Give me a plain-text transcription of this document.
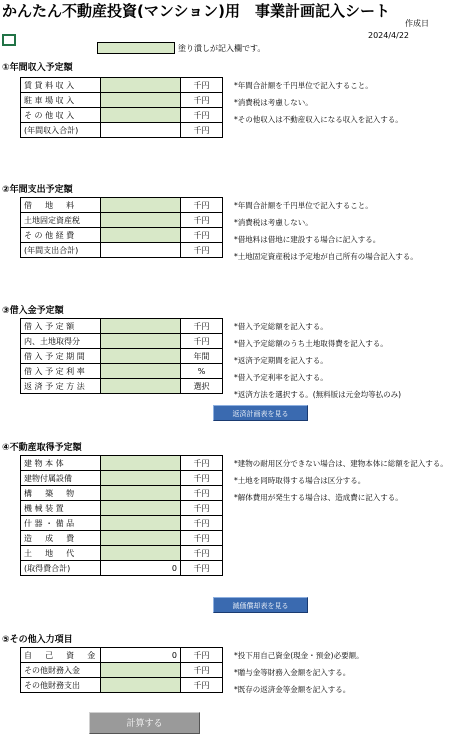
かんたん不動産投資(マンション)用　事業計画記入シート
作成日
2024/4/22
塗り潰しが記入欄です。
①年間収入予定額
賃 貸 料 収 入		千円
駐 車 場 収 入		千円
そ の 他 収 入		千円
(年間収入合計)		千円
*年間合計額を千円単位で記入すること。
*消費税は考慮しない。
*その他収入は不動産収入になる収入を記入する。
②年間支出予定額
借 　 地 　 料		千円
土地固定資産税		千円
そ の 他 経 費		千円
(年間支出合計)		千円
*年間合計額を千円単位で記入すること。
*消費税は考慮しない。
*借地料は借地に建設する場合に記入する。
*土地固定資産税は予定地が自己所有の場合記入する。
③借入金予定額
借 入 予 定 額		千円
内、土地取得分		千円
借 入 予 定 期 間		年間
借 入 予 定 利 率		%
返 済 予 定 方 法		選択
*借入予定総額を記入する。
*借入予定総額のうち土地取得費を記入する。
*返済予定期間を記入する。
*借入予定利率を記入する。
*返済方法を選択する。(無料版は元金均等払のみ)
返済計画表を見る
④不動産取得予定額
建 物 本 体		千円
建物付属設備		千円
構 　 築 　 物		千円
機 械 装 置		千円
什 器 ・ 備 品		千円
造 　 成 　 費		千円
土 　 地 　 代		千円
(取得費合計)	0	千円
*建物の耐用区分できない場合は、建物本体に総額を記入する。
*土地を同時取得する場合は区分する。
*解体費用が発生する場合は、造成費に記入する。
減価償却表を見る
⑤その他入力項目
自 　 己 　 資 　 金	0	千円
その他財務入金		千円
その他財務支出		千円
*投下用自己資金(現金・預金)必要額。
*贈与金等財務入金額を記入する。
*既存の返済金等金額を記入する。
計算する
